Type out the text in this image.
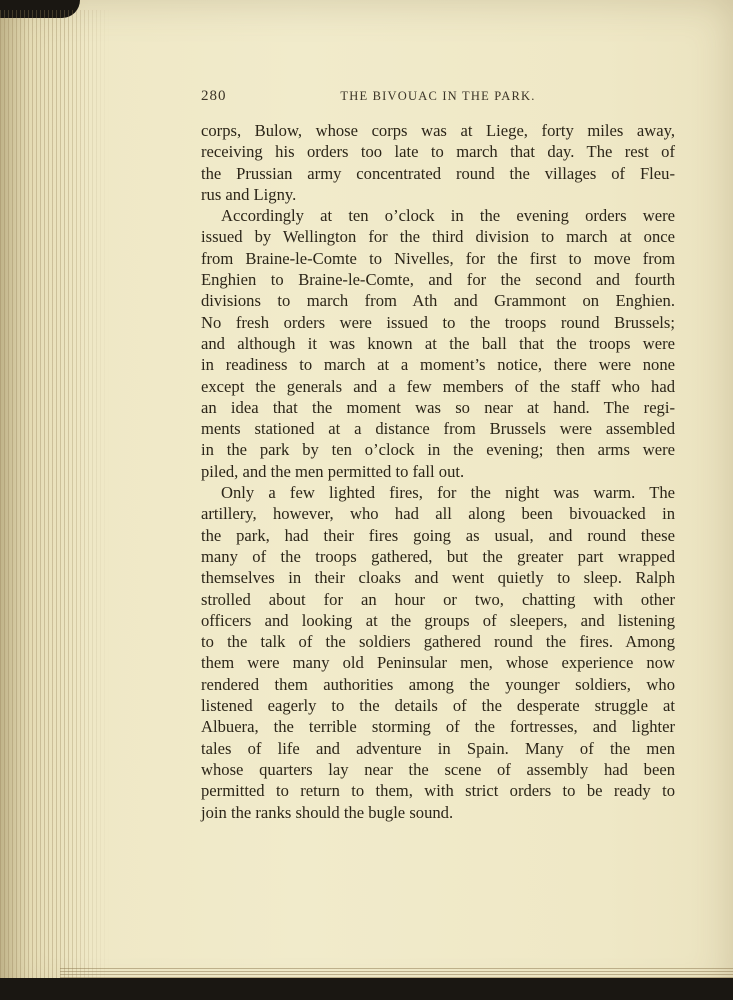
280	THE BIVOUAC IN THE PARK.
corps, Bulow, whose corps was at Liege, forty miles away,
receiving his orders too late to march that day. The rest of
the Prussian army concentrated round the villages of Fleu-
rus and Ligny.
Accordingly at ten o’clock in the evening orders were
issued by Wellington for the third division to march at once
from Braine-le-Comte to Nivelles, for the first to move from
Enghien to Braine-le-Comte, and for the second and fourth
divisions to march from Ath and Grammont on Enghien.
No fresh orders were issued to the troops round Brussels;
and although it was known at the ball that the troops were
in readiness to march at a moment’s notice, there were none
except the generals and a few members of the staff who had
an idea that the moment was so near at hand. The regi-
ments stationed at a distance from Brussels were assembled
in the park by ten o’clock in the evening; then arms were
piled, and the men permitted to fall out.
Only a few lighted fires, for the night was warm. The
artillery, however, who had all along been bivouacked in
the park, had their fires going as usual, and round these
many of the troops gathered, but the greater part wrapped
themselves in their cloaks and went quietly to sleep. Ralph
strolled about for an hour or two, chatting with other
officers and looking at the groups of sleepers, and listening
to the talk of the soldiers gathered round the fires. Among
them were many old Peninsular men, whose experience now
rendered them authorities among the younger soldiers, who
listened eagerly to the details of the desperate struggle at
Albuera, the terrible storming of the fortresses, and lighter
tales of life and adventure in Spain. Many of the men
whose quarters lay near the scene of assembly had been
permitted to return to them, with strict orders to be ready to
join the ranks should the bugle sound.
